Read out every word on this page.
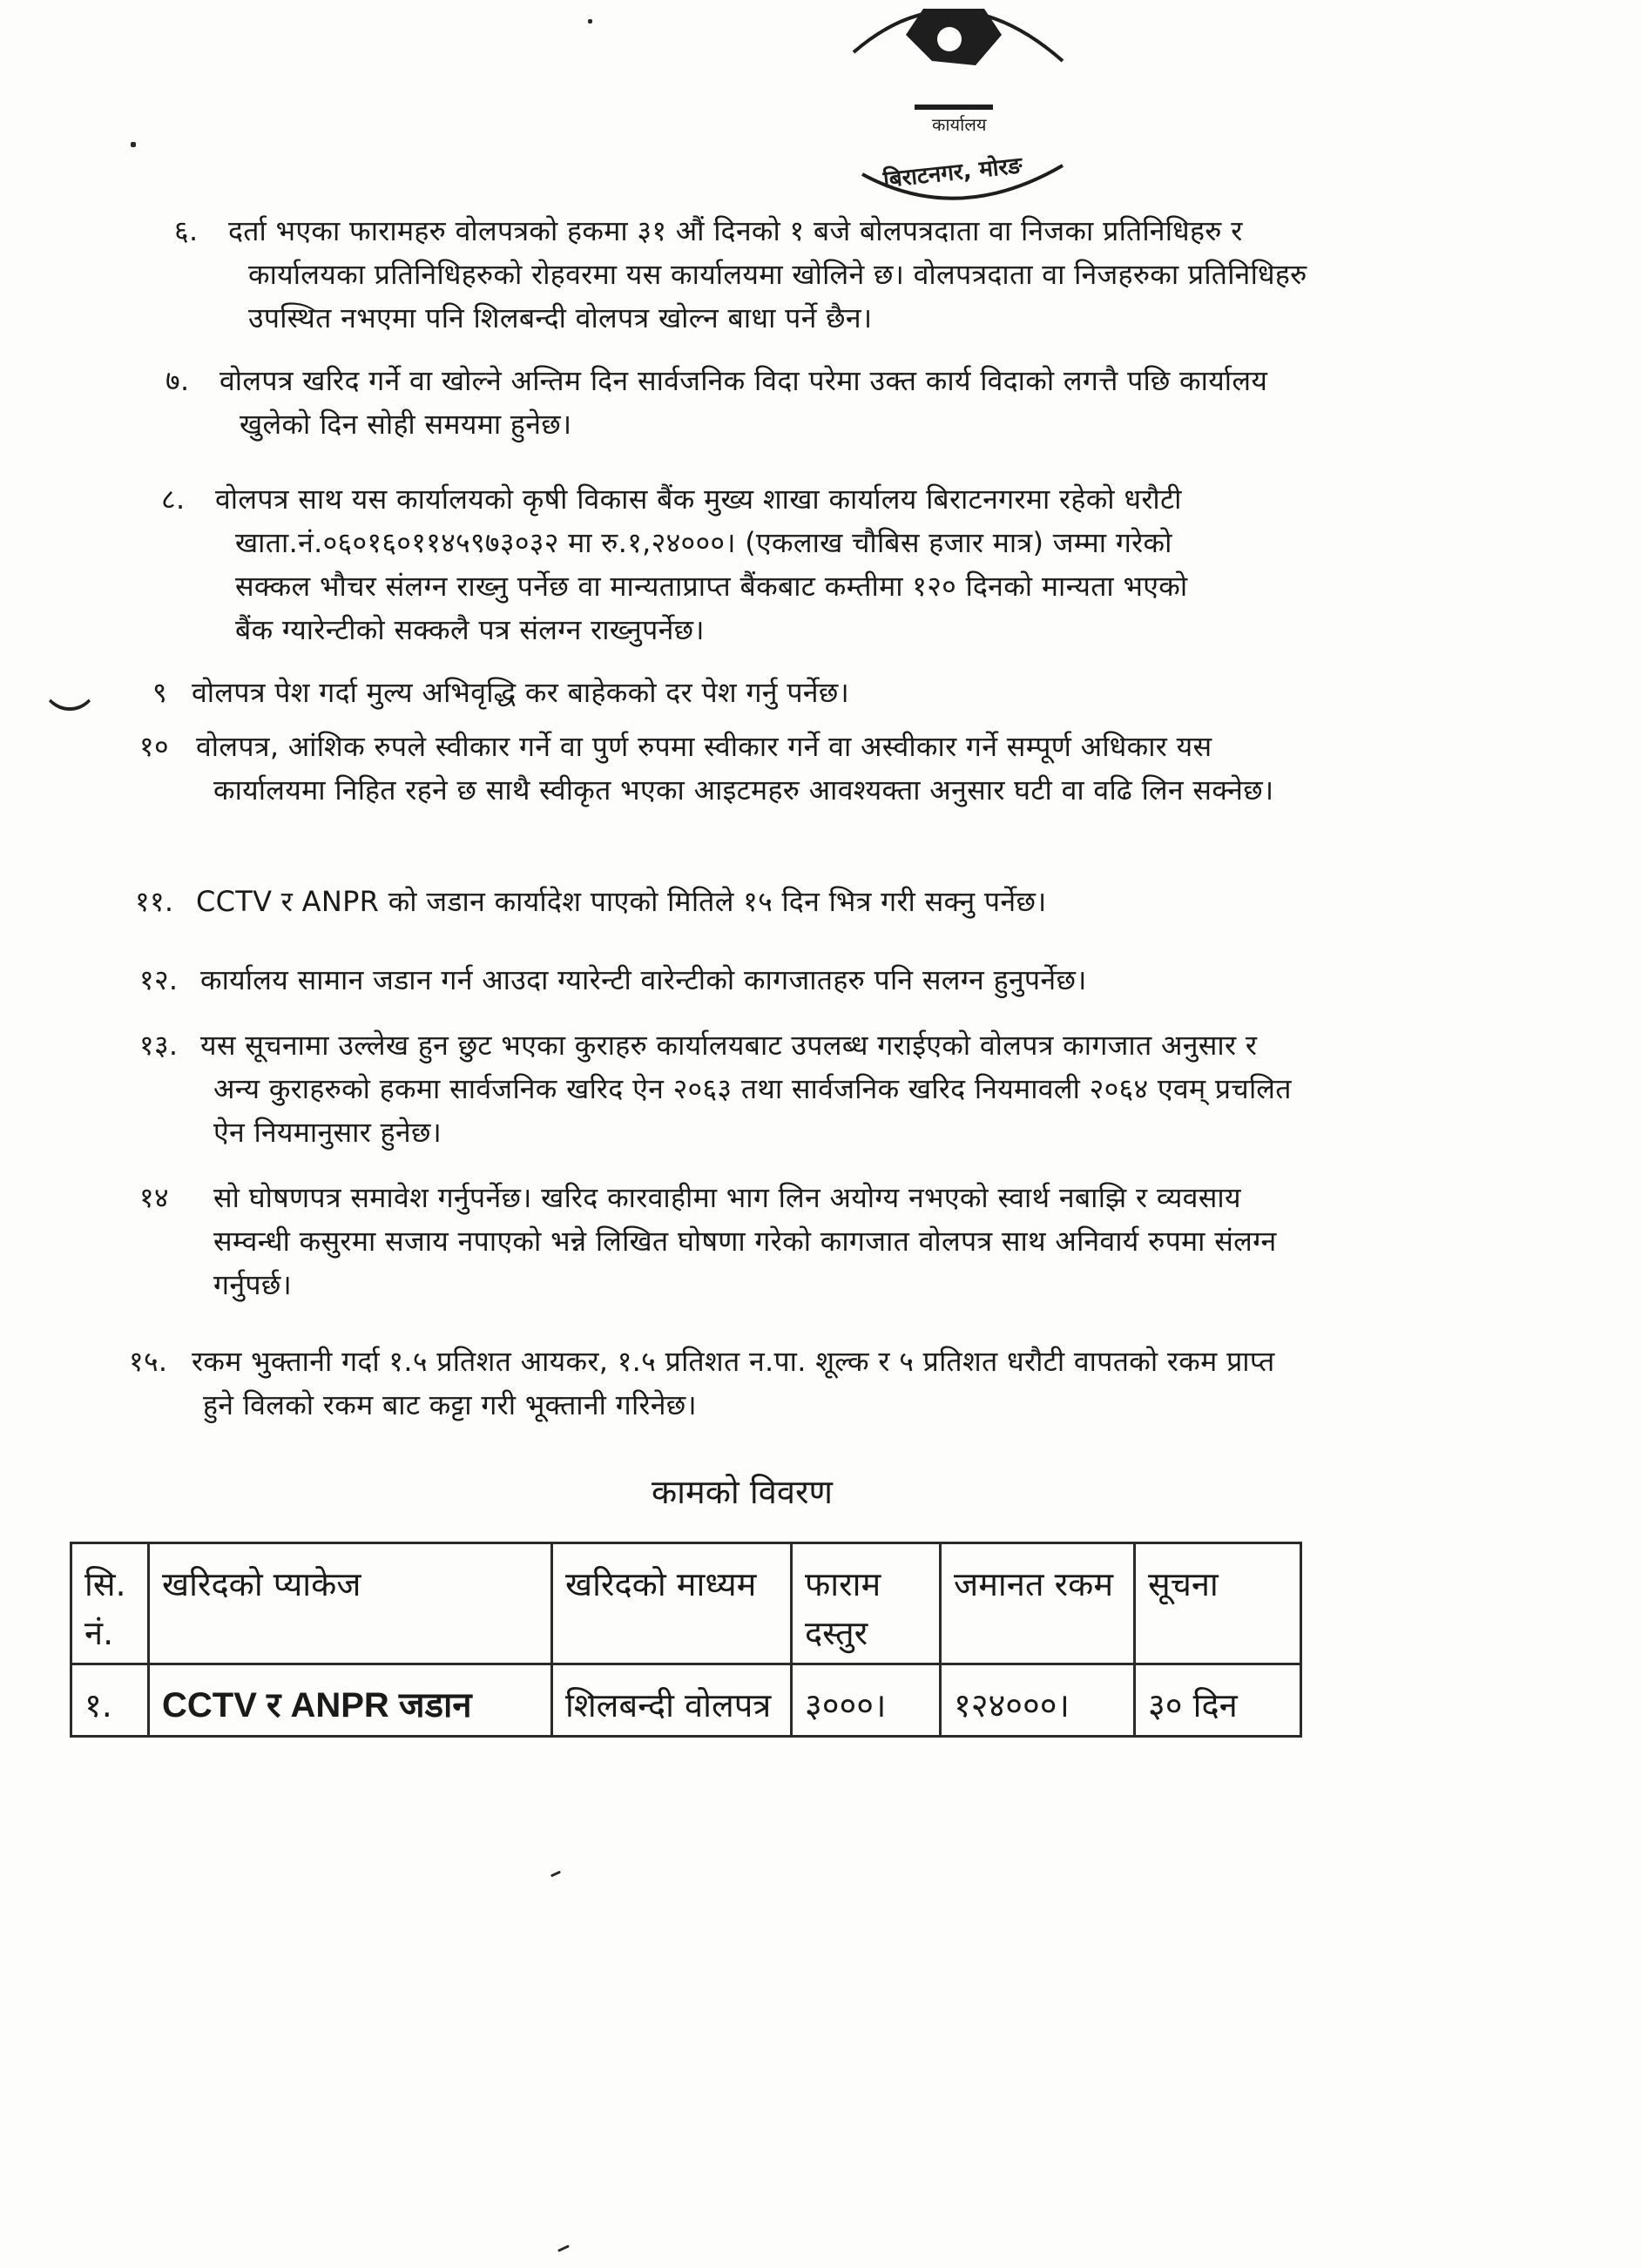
बिराटनगर, मोरङ
कार्यालय
६. दर्ता भएका फारामहरु वोलपत्रको हकमा ३१ औं दिनको १ बजे बोलपत्रदाता वा निजका प्रतिनिधिहरु र
कार्यालयका प्रतिनिधिहरुको रोहवरमा यस कार्यालयमा खोलिने छ। वोलपत्रदाता वा निजहरुका प्रतिनिधिहरु
उपस्थित नभएमा पनि शिलबन्दी वोलपत्र खोल्न बाधा पर्ने छैन।
७. वोलपत्र खरिद गर्ने वा खोल्ने अन्तिम दिन सार्वजनिक विदा परेमा उक्त कार्य विदाको लगत्तै पछि कार्यालय
खुलेको दिन सोही समयमा हुनेछ।
८. वोलपत्र साथ यस कार्यालयको कृषी विकास बैंक मुख्य शाखा कार्यालय बिराटनगरमा रहेको धरौटी
खाता.नं.०६०१६०११४५९७३०३२ मा रु.१,२४०००। (एकलाख चौबिस हजार मात्र) जम्मा गरेको
सक्कल भौचर संलग्न राख्नु पर्नेछ वा मान्यताप्राप्त बैंकबाट कम्तीमा १२० दिनको मान्यता भएको
बैंक ग्यारेन्टीको सक्कलै पत्र संलग्न राख्नुपर्नेछ।
९ वोलपत्र पेश गर्दा मुल्य अभिवृद्धि कर बाहेकको दर पेश गर्नु पर्नेछ।
१० वोलपत्र, आंशिक रुपले स्वीकार गर्ने वा पुर्ण रुपमा स्वीकार गर्ने वा अस्वीकार गर्ने सम्पूर्ण अधिकार यस
कार्यालयमा निहित रहने छ साथै स्वीकृत भएका आइटमहरु आवश्यक्ता अनुसार घटी वा वढि लिन सक्नेछ।
११. CCTV र ANPR को जडान कार्यादेश पाएको मितिले १५ दिन भित्र गरी सक्नु पर्नेछ।
१२. कार्यालय सामान जडान गर्न आउदा ग्यारेन्टी वारेन्टीको कागजातहरु पनि सलग्न हुनुपर्नेछ।
१३. यस सूचनामा उल्लेख हुन छुट भएका कुराहरु कार्यालयबाट उपलब्ध गराईएको वोलपत्र कागजात अनुसार र
अन्य कुराहरुको हकमा सार्वजनिक खरिद ऐन २०६३ तथा सार्वजनिक खरिद नियमावली २०६४ एवम् प्रचलित
ऐन नियमानुसार हुनेछ।
१४ सो घोषणपत्र समावेश गर्नुपर्नेछ। खरिद कारवाहीमा भाग लिन अयोग्य नभएको स्वार्थ नबाझि र व्यवसाय
सम्वन्धी कसुरमा सजाय नपाएको भन्ने लिखित घोषणा गरेको कागजात वोलपत्र साथ अनिवार्य रुपमा संलग्न
गर्नुपर्छ।
१५. रकम भुक्तानी गर्दा १.५ प्रतिशत आयकर, १.५ प्रतिशत न.पा. शूल्क र ५ प्रतिशत धरौटी वापतको रकम प्राप्त
हुने विलको रकम बाट कट्टा गरी भूक्तानी गरिनेछ।
कामको विवरण
सि. नं.	खरिदको प्याकेज	खरिदको माध्यम	फाराम दस्तुर	जमानत रकम	सूचना
१.	CCTV र ANPR जडान	शिलबन्दी वोलपत्र	३०००।	१२४०००।	३० दिन
